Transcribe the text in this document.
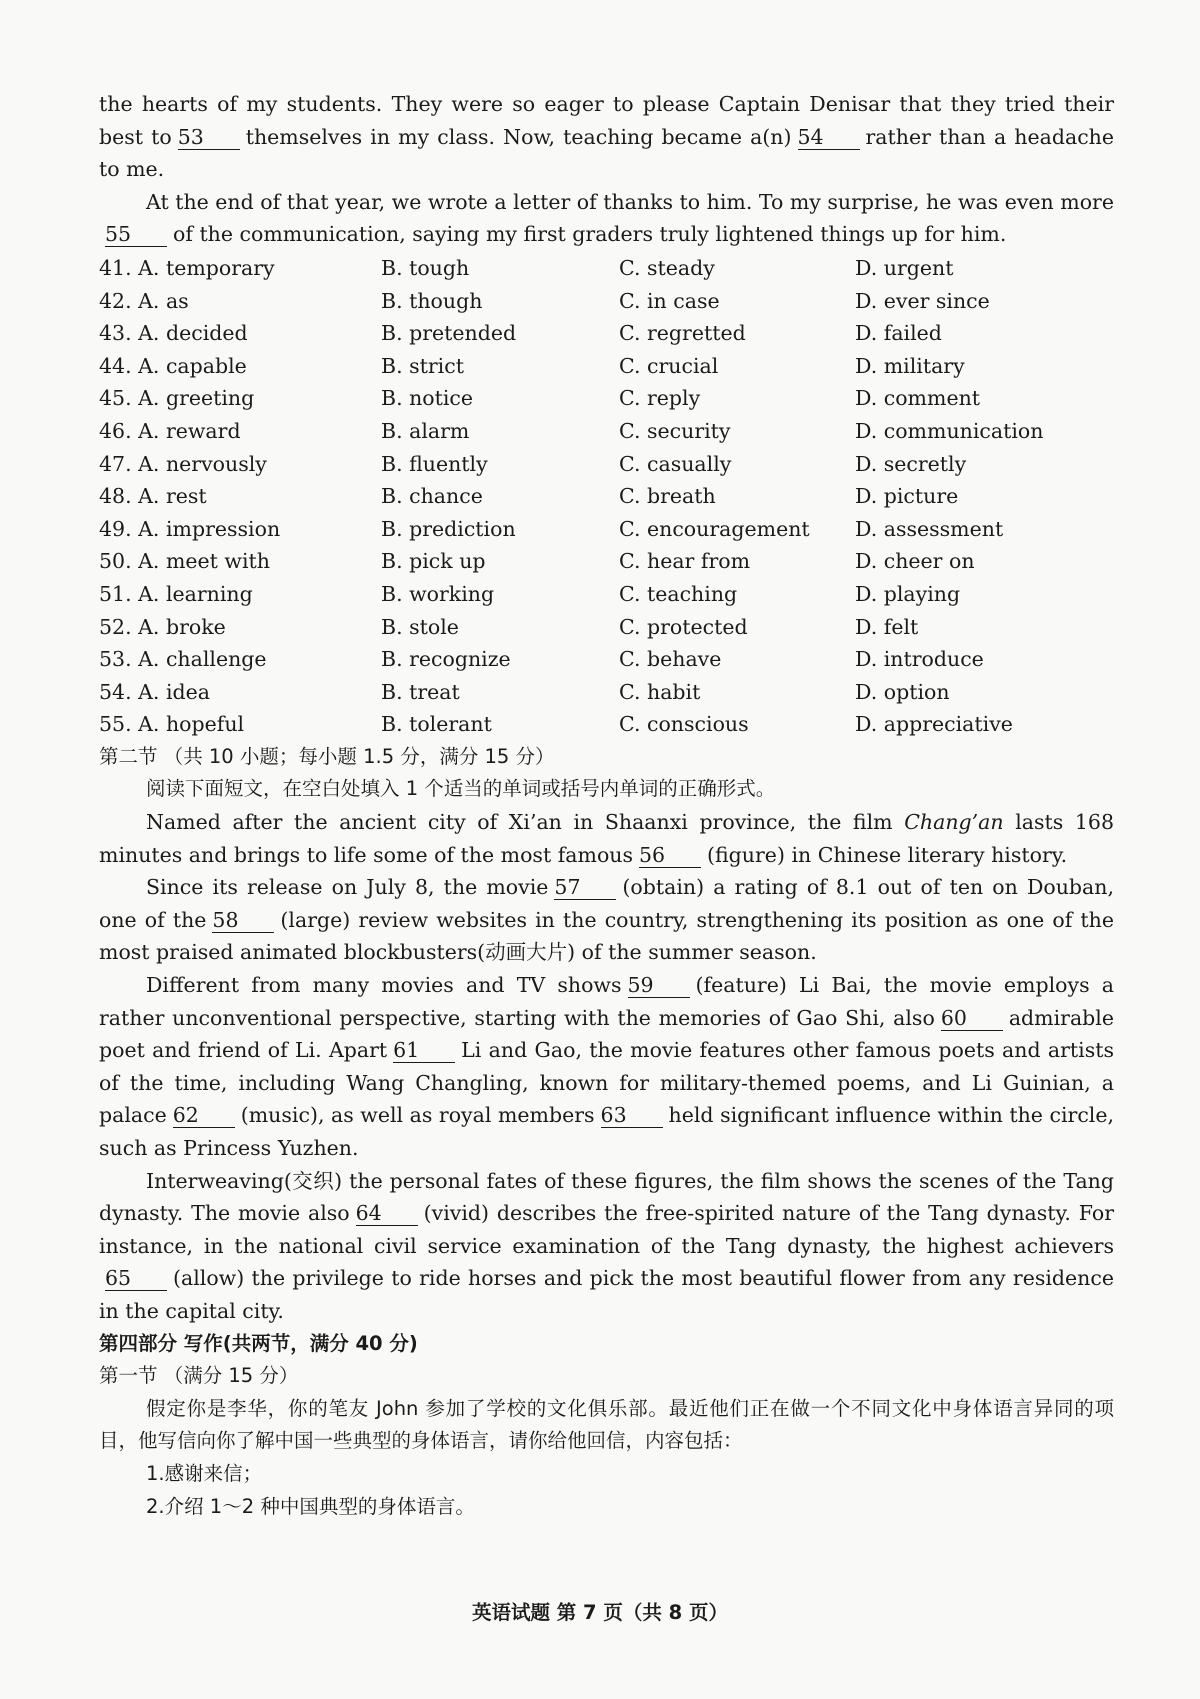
the hearts of my students. They were so eager to please Captain Denisar that they tried their best to 53 themselves in my class. Now, teaching became a(n) 54 rather than a headache to me.

At the end of that year, we wrote a letter of thanks to him. To my surprise, he was even more55 of the communication, saying my first graders truly lightened things up for him.

41. A. temporary	B. tough	C. steady	D. urgent
42. A. as	B. though	C. in case	D. ever since
43. A. decided	B. pretended	C. regretted	D. failed
44. A. capable	B. strict	C. crucial	D. military
45. A. greeting	B. notice	C. reply	D. comment
46. A. reward	B. alarm	C. security	D. communication
47. A. nervously	B. fluently	C. casually	D. secretly
48. A. rest	B. chance	C. breath	D. picture
49. A. impression	B. prediction	C. encouragement	D. assessment
50. A. meet with	B. pick up	C. hear from	D. cheer on
51. A. learning	B. working	C. teaching	D. playing
52. A. broke	B. stole	C. protected	D. felt
53. A. challenge	B. recognize	C. behave	D. introduce
54. A. idea	B. treat	C. habit	D. option
55. A. hopeful	B. tolerant	C. conscious	D. appreciative

第二节 （共 10 小题；每小题 1.5 分，满分 15 分）

阅读下面短文，在空白处填入 1 个适当的单词或括号内单词的正确形式。

Named after the ancient city of Xi’an in Shaanxi province, the film Chang’an lasts 168 minutes and brings to life some of the most famous 56 (figure) in Chinese literary history.

Since its release on July 8, the movie 57 (obtain) a rating of 8.1 out of ten on Douban, one of the 58 (large) review websites in the country, strengthening its position as one of the most praised animated blockbusters(动画大片) of the summer season.

Different from many movies and TV shows 59 (feature) Li Bai, the movie employs a rather unconventional perspective, starting with the memories of Gao Shi, also 60 admirable poet and friend of Li. Apart 61 Li and Gao, the movie features other famous poets and artists of the time, including Wang Changling, known for military-themed poems, and Li Guinian, a palace 62 (music), as well as royal members 63 held significant influence within the circle, such as Princess Yuzhen.

Interweaving(交织) the personal fates of these figures, the film shows the scenes of the Tang dynasty. The movie also 64 (vivid) describes the free-spirited nature of the Tang dynasty. For instance, in the national civil service examination of the Tang dynasty, the highest achievers65 (allow) the privilege to ride horses and pick the most beautiful flower from any residence in the capital city.

第四部分 写作(共两节，满分 40 分)

第一节 （满分 15 分）

假定你是李华，你的笔友 John 参加了学校的文化俱乐部。最近他们正在做一个不同文化中身体语言异同的项目，他写信向你了解中国一些典型的身体语言，请你给他回信，内容包括：

1.感谢来信；

2.介绍 1～2 种中国典型的身体语言。

英语试题 第 7 页（共 8 页）
